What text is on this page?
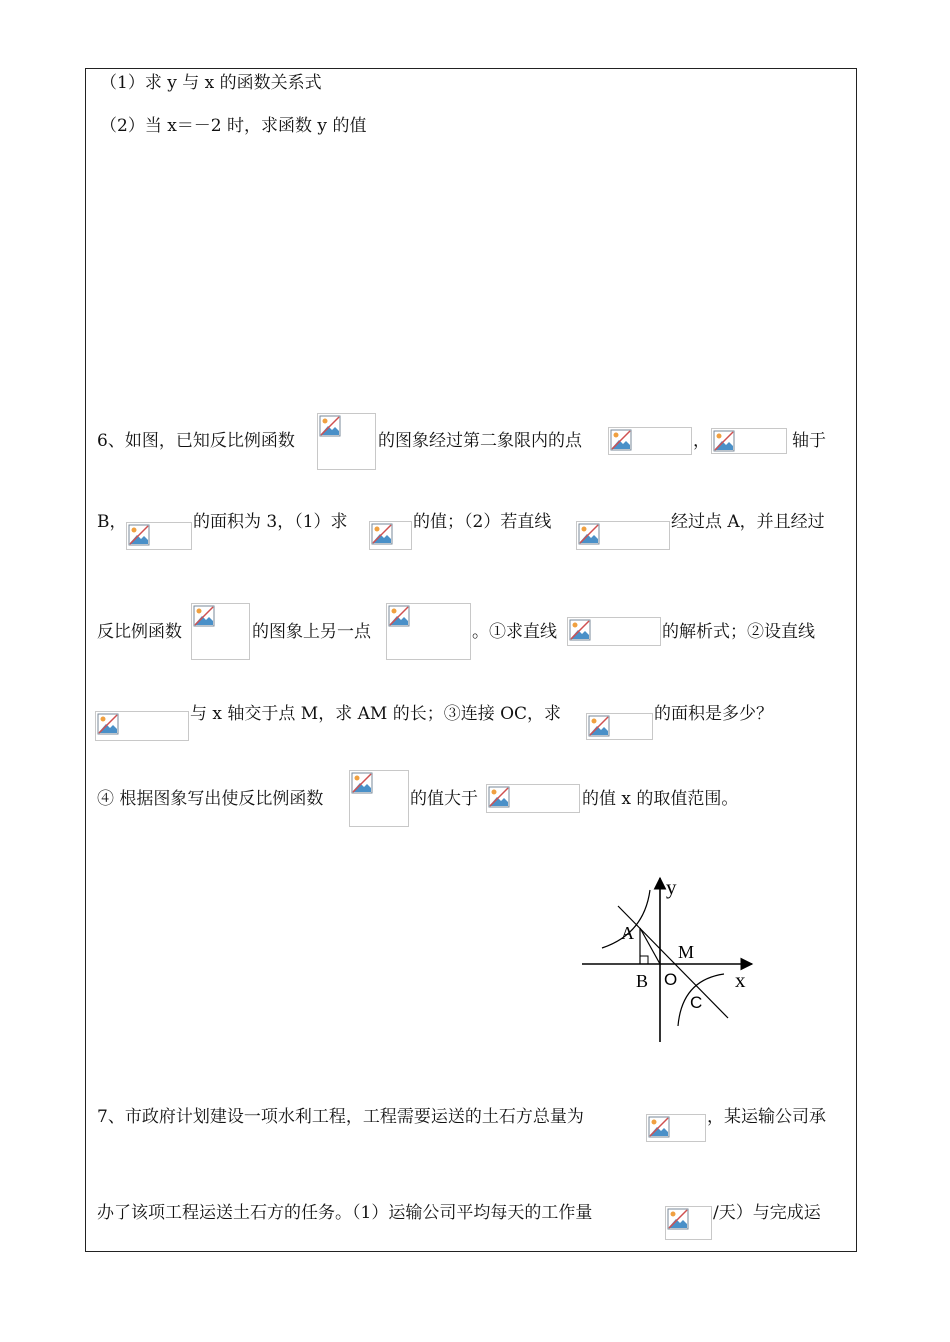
（1）求 y 与 x 的函数关系式
（2）当 x＝－2 时，求函数 y 的值
6、如图，已知反比例函数	的图象经过第二象限内的点	，	轴于
B，	的面积为 3，（1）求	的值；（2）若直线	经过点 A，并且经过
反比例函数	的图象上另一点	。①求直线	的解析式；②设直线
与 x 轴交于点 M，求 AM 的长；③连接 OC，求	的面积是多少？
④ 根据图象写出使反比例函数	的值大于	的值 x 的取值范围。
y
x
A
M
B O
C
7、市政府计划建设一项水利工程，工程需要运送的土石方总量为	，某运输公司承
办了该项工程运送土石方的任务。（1）运输公司平均每天的工作量	/天）与完成运
